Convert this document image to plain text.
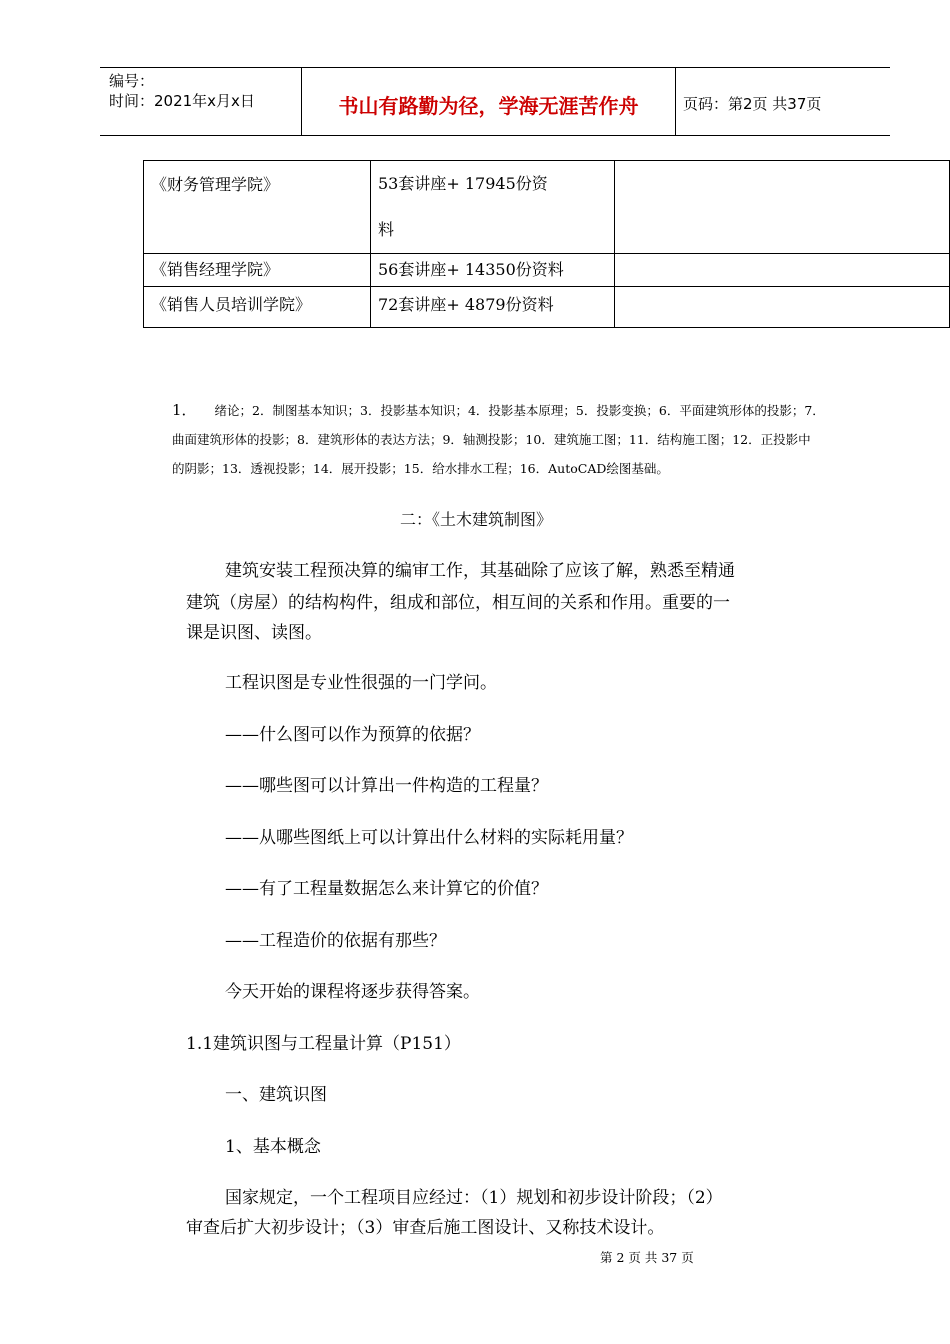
编号：
时间：2021年x月x日	书山有路勤为径，学海无涯苦作舟	页码：第2页 共37页
《财务管理学院》	53套讲座+ 17945份资
料	

《销售经理学院》	56套讲座+ 14350份资料	
《销售人员培训学院》	72套讲座+ 4879份资料	
1． 绪论；2．制图基本知识；3．投影基本知识；4．投影基本原理；5．投影变换；6．平面建筑形体的投影；7．
曲面建筑形体的投影；8．建筑形体的表达方法；9．轴测投影；10．建筑施工图；11．结构施工图；12．正投影中
的阴影；13．透视投影；14．展开投影；15．给水排水工程；16．AutoCAD绘图基础。
二：《土木建筑制图》
建筑安装工程预决算的编审工作，其基础除了应该了解，熟悉至精通
建筑（房屋）的结构构件，组成和部位，相互间的关系和作用。重要的一
课是识图、读图。
工程识图是专业性很强的一门学问。
——什么图可以作为预算的依据？
——哪些图可以计算出一件构造的工程量？
——从哪些图纸上可以计算出什么材料的实际耗用量？
——有了工程量数据怎么来计算它的价值？
——工程造价的依据有那些？
今天开始的课程将逐步获得答案。
1.1建筑识图与工程量计算（P151）
一、建筑识图
1、基本概念
国家规定，一个工程项目应经过：（1）规划和初步设计阶段；（2）
审查后扩大初步设计；（3）审查后施工图设计、又称技术设计。
第 2 页 共 37 页
